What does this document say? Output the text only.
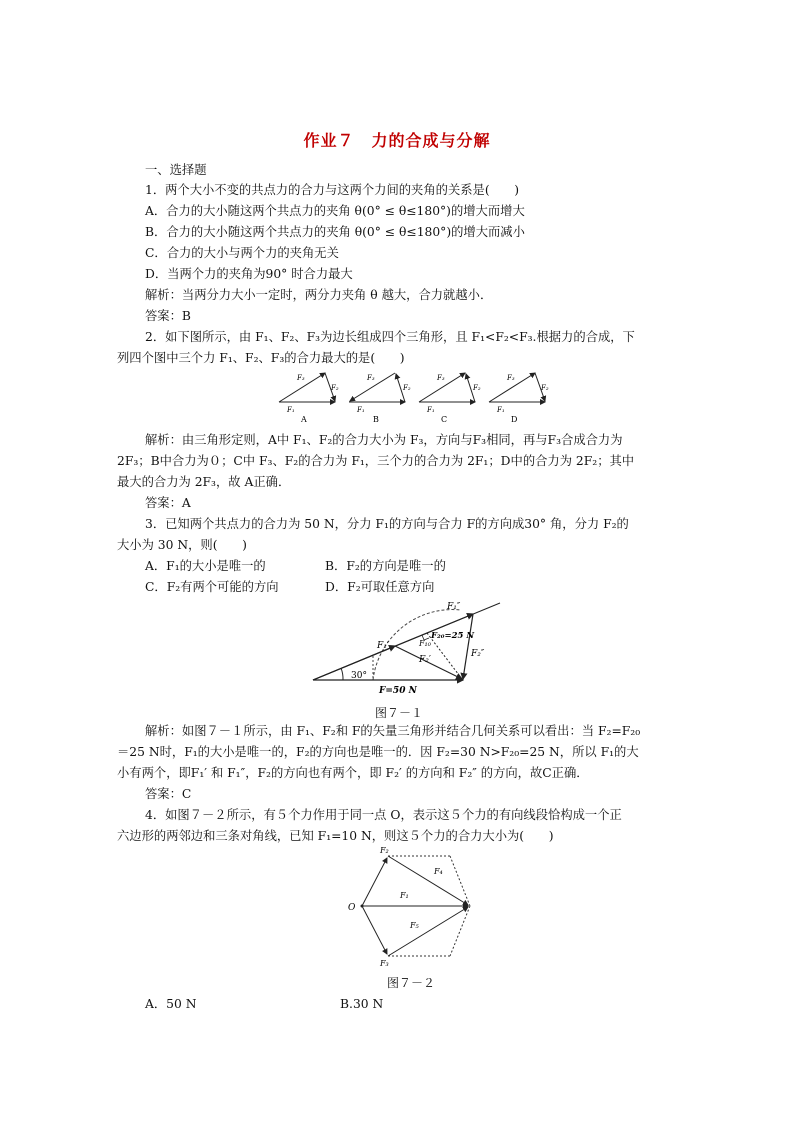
作业７　力的合成与分解
一、选择题
1．两个大小不变的共点力的合力与这两个力间的夹角的关系是(　　)
A．合力的大小随这两个共点力的夹角 θ(0° ≤ θ≤180°)的增大而增大
B．合力的大小随这两个共点力的夹角 θ(0° ≤ θ≤180°)的增大而减小
C．合力的大小与两个力的夹角无关
D．当两个力的夹角为90° 时合力最大
解析：当两分力大小一定时，两分力夹角 θ 越大，合力就越小．
答案：B
2．如下图所示，由 F₁、F₂、F₃为边长组成四个三角形，且 F₁<F₂<F₃.根据力的合成，下
列四个图中三个力 F₁、F₂、F₃的合力最大的是(　　)
F₃
F₂
F₁
A
F₃
F₂
F₁
B
F₃
F₂
F₁
C
F₃
F₂
F₁
D
解析：由三角形定则，A中 F₁、F₂的合力大小为 F₃，方向与F₃相同，再与F₃合成合力为
2F₃；B中合力为０；C中 F₃、F₂的合力为 F₁，三个力的合力为 2F₁；D中的合力为 2F₂；其中
最大的合力为 2F₃，故 A正确．
答案：A
3．已知两个共点力的合力为 50 N，分力 F₁的方向与合力 F的方向成30° 角，分力 F₂的
大小为 30 N，则(　　)
A．F₁的大小是唯一的	B．F₂的方向是唯一的
C．F₂有两个可能的方向	D．F₂可取任意方向
30°
F=50 N
F₁′
F₁″
F₁₀
F₂₀=25 N
F₂′
F₂″
图７－１
解析：如图７－１所示，由 F₁、F₂和 F的矢量三角形并结合几何关系可以看出：当 F₂=F₂₀
＝25 N时，F₁的大小是唯一的，F₂的方向也是唯一的．因 F₂=30 N>F₂₀=25 N，所以 F₁的大
小有两个，即F₁′ 和 F₁″，F₂的方向也有两个，即 F₂′ 的方向和 F₂″ 的方向，故C正确．
答案：C
4．如图７－２所示，有５个力作用于同一点 O，表示这５个力的有向线段恰构成一个正
六边形的两邻边和三条对角线，已知 F₁=10 N，则这５个力的合力大小为(　　)
O
F₁
F₂
F₃
F₄
F₅
图７－２
A．50 N	B.30 N
